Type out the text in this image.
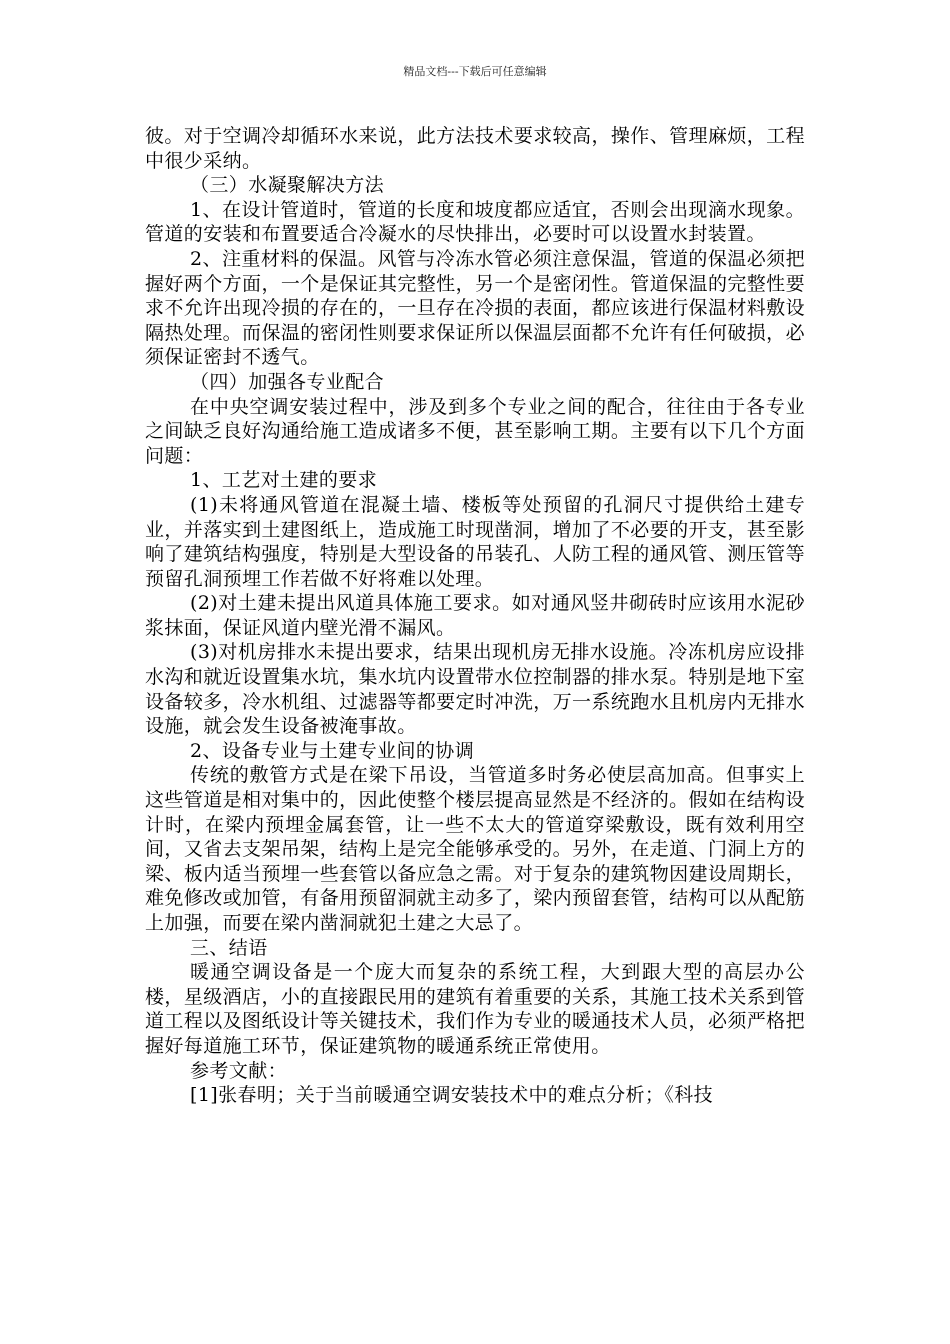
精品文档---下载后可任意编辑

彼。对于空调冷却循环水来说，此方法技术要求较高，操作、管理麻烦，工程中很少采纳。

（三）水凝聚解决方法

1、在设计管道时，管道的长度和坡度都应适宜，否则会出现滴水现象。管道的安装和布置要适合冷凝水的尽快排出，必要时可以设置水封装置。

2、注重材料的保温。风管与冷冻水管必须注意保温，管道的保温必须把握好两个方面，一个是保证其完整性，另一个是密闭性。管道保温的完整性要求不允许出现冷损的存在的，一旦存在冷损的表面，都应该进行保温材料敷设隔热处理。而保温的密闭性则要求保证所以保温层面都不允许有任何破损，必须保证密封不透气。

（四）加强各专业配合

在中央空调安装过程中，涉及到多个专业之间的配合，往往由于各专业之间缺乏良好沟通给施工造成诸多不便，甚至影响工期。主要有以下几个方面问题：

1、工艺对土建的要求

(1)未将通风管道在混凝土墙、楼板等处预留的孔洞尺寸提供给土建专业，并落实到土建图纸上，造成施工时现凿洞，增加了不必要的开支，甚至影响了建筑结构强度，特别是大型设备的吊装孔、人防工程的通风管、测压管等预留孔洞预埋工作若做不好将难以处理。

(2)对土建未提出风道具体施工要求。如对通风竖井砌砖时应该用水泥砂浆抹面，保证风道内壁光滑不漏风。

(3)对机房排水未提出要求，结果出现机房无排水设施。冷冻机房应设排水沟和就近设置集水坑，集水坑内设置带水位控制器的排水泵。特别是地下室设备较多，冷水机组、过滤器等都要定时冲洗，万一系统跑水且机房内无排水设施，就会发生设备被淹事故。

2、设备专业与土建专业间的协调

传统的敷管方式是在梁下吊设，当管道多时务必使层高加高。但事实上这些管道是相对集中的，因此使整个楼层提高显然是不经济的。假如在结构设计时，在梁内预埋金属套管，让一些不太大的管道穿梁敷设，既有效利用空间，又省去支架吊架，结构上是完全能够承受的。另外，在走道、门洞上方的梁、板内适当预埋一些套管以备应急之需。对于复杂的建筑物因建设周期长，难免修改或加管，有备用预留洞就主动多了，梁内预留套管，结构可以从配筋上加强，而要在梁内凿洞就犯土建之大忌了。

三、结语

暖通空调设备是一个庞大而复杂的系统工程，大到跟大型的高层办公楼，星级酒店，小的直接跟民用的建筑有着重要的关系，其施工技术关系到管道工程以及图纸设计等关键技术，我们作为专业的暖通技术人员，必须严格把握好每道施工环节，保证建筑物的暖通系统正常使用。

参考文献：

[1]张春明；关于当前暖通空调安装技术中的难点分析；《科技
